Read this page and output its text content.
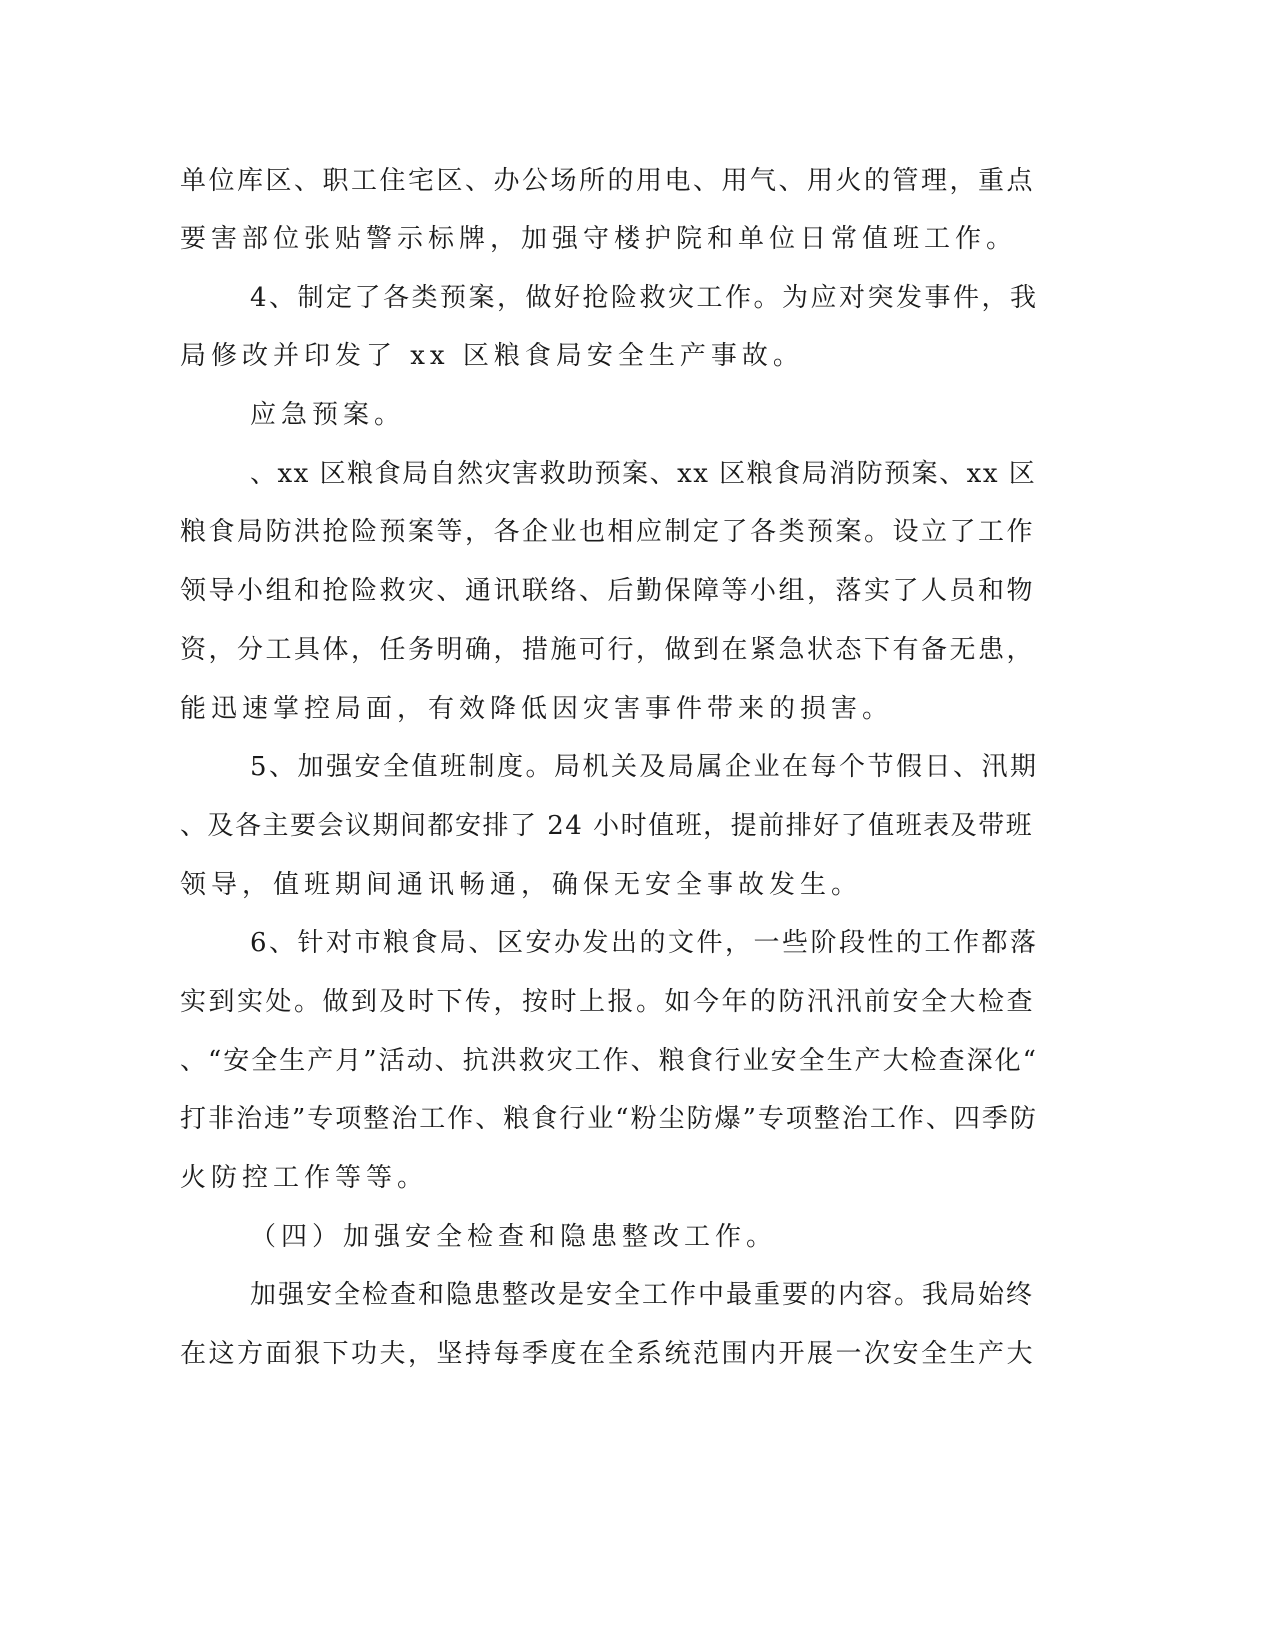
单位库区、职工住宅区、办公场所的用电、用气、用火的管理，重点
要害部位张贴警示标牌，加强守楼护院和单位日常值班工作。
4、制定了各类预案，做好抢险救灾工作。为应对突发事件，我
局修改并印发了 xx 区粮食局安全生产事故。
应急预案。
、xx 区粮食局自然灾害救助预案、xx 区粮食局消防预案、xx 区
粮食局防洪抢险预案等，各企业也相应制定了各类预案。设立了工作
领导小组和抢险救灾、通讯联络、后勤保障等小组，落实了人员和物
资，分工具体，任务明确，措施可行，做到在紧急状态下有备无患，
能迅速掌控局面，有效降低因灾害事件带来的损害。
5、加强安全值班制度。局机关及局属企业在每个节假日、汛期
、及各主要会议期间都安排了 24 小时值班，提前排好了值班表及带班
领导，值班期间通讯畅通，确保无安全事故发生。
6、针对市粮食局、区安办发出的文件，一些阶段性的工作都落
实到实处。做到及时下传，按时上报。如今年的防汛汛前安全大检查
、“安全生产月”活动、抗洪救灾工作、粮食行业安全生产大检查深化“
打非治违”专项整治工作、粮食行业“粉尘防爆”专项整治工作、四季防
火防控工作等等。
（四）加强安全检查和隐患整改工作。
加强安全检查和隐患整改是安全工作中最重要的内容。我局始终
在这方面狠下功夫，坚持每季度在全系统范围内开展一次安全生产大
